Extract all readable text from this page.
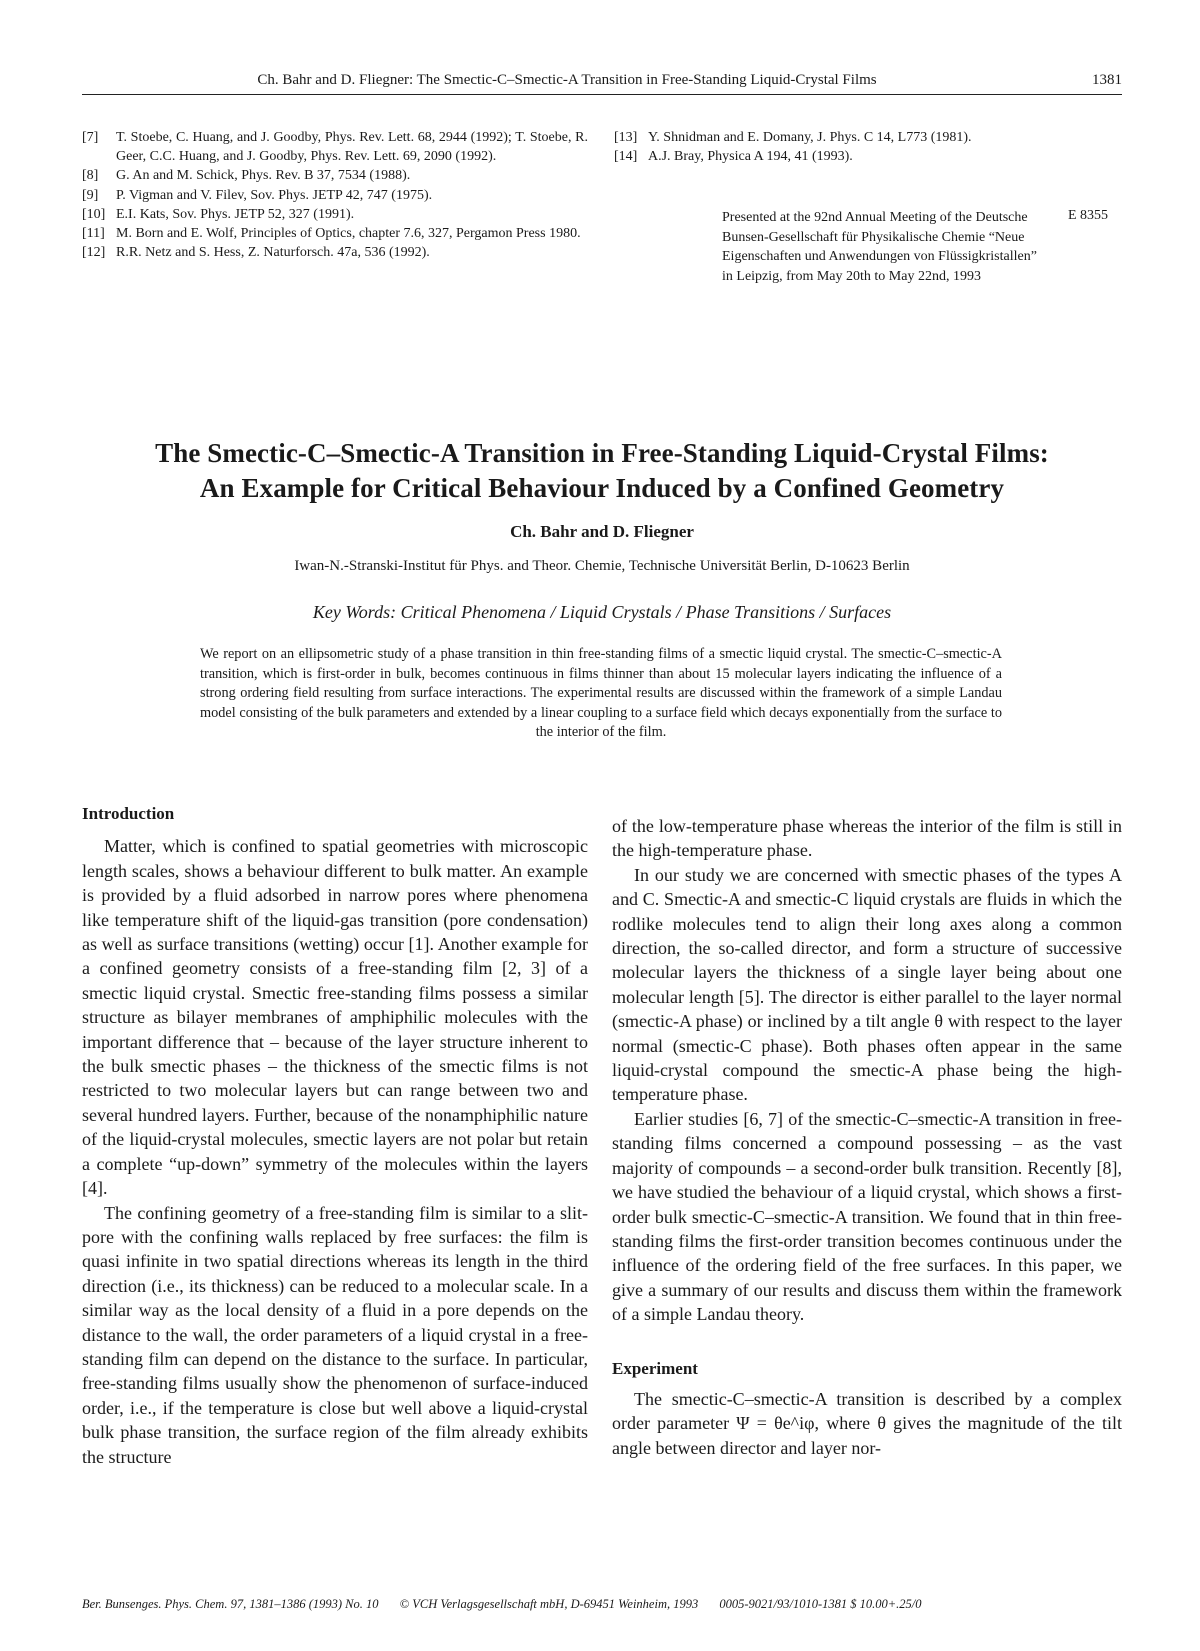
Ch. Bahr and D. Fliegner: The Smectic-C–Smectic-A Transition in Free-Standing Liquid-Crystal Films	1381
[7]	T. Stoebe, C. Huang, and J. Goodby, Phys. Rev. Lett. 68, 2944 (1992); T. Stoebe, R. Geer, C.C. Huang, and J. Goodby, Phys. Rev. Lett. 69, 2090 (1992).
[8]	G. An and M. Schick, Phys. Rev. B 37, 7534 (1988).
[9]	P. Vigman and V. Filev, Sov. Phys. JETP 42, 747 (1975).
[10] E.I. Kats, Sov. Phys. JETP 52, 327 (1991).
[11] M. Born and E. Wolf, Principles of Optics, chapter 7.6, 327, Pergamon Press 1980.
[12] R.R. Netz and S. Hess, Z. Naturforsch. 47a, 536 (1992).
[13] Y. Shnidman and E. Domany, J. Phys. C 14, L773 (1981).
[14] A.J. Bray, Physica A 194, 41 (1993).
Presented at the 92nd Annual Meeting of the Deutsche Bunsen-Gesellschaft für Physikalische Chemie “Neue Eigenschaften und Anwendungen von Flüssigkristallen” in Leipzig, from May 20th to May 22nd, 1993
E 8355
The Smectic-C–Smectic-A Transition in Free-Standing Liquid-Crystal Films:
An Example for Critical Behaviour Induced by a Confined Geometry
Ch. Bahr and D. Fliegner
Iwan-N.-Stranski-Institut für Phys. and Theor. Chemie, Technische Universität Berlin, D-10623 Berlin
Key Words: Critical Phenomena / Liquid Crystals / Phase Transitions / Surfaces
We report on an ellipsometric study of a phase transition in thin free-standing films of a smectic liquid crystal. The smectic-C–smectic-A transition, which is first-order in bulk, becomes continuous in films thinner than about 15 molecular layers indicating the influence of a strong ordering field resulting from surface interactions. The experimental results are discussed within the framework of a simple Landau model consisting of the bulk parameters and extended by a linear coupling to a surface field which decays exponentially from the surface to the interior of the film.
Introduction

Matter, which is confined to spatial geometries with microscopic length scales, shows a behaviour different to bulk matter. An example is provided by a fluid adsorbed in narrow pores where phenomena like temperature shift of the liquid-gas transition (pore condensation) as well as surface transitions (wetting) occur [1]. Another example for a confined geometry consists of a free-standing film [2, 3] of a smectic liquid crystal. Smectic free-standing films possess a similar structure as bilayer membranes of amphiphilic molecules with the important difference that – because of the layer structure inherent to the bulk smectic phases – the thickness of the smectic films is not restricted to two molecular layers but can range between two and several hundred layers. Further, because of the nonamphiphilic nature of the liquid-crystal molecules, smectic layers are not polar but retain a complete “up-down” symmetry of the molecules within the layers [4].

The confining geometry of a free-standing film is similar to a slit-pore with the confining walls replaced by free surfaces: the film is quasi infinite in two spatial directions whereas its length in the third direction (i.e., its thickness) can be reduced to a molecular scale. In a similar way as the local density of a fluid in a pore depends on the distance to the wall, the order parameters of a liquid crystal in a free-standing film can depend on the distance to the surface. In particular, free-standing films usually show the phenomenon of surface-induced order, i.e., if the temperature is close but well above a liquid-crystal bulk phase transition, the surface region of the film already exhibits the structure

of the low-temperature phase whereas the interior of the film is still in the high-temperature phase.

In our study we are concerned with smectic phases of the types A and C. Smectic-A and smectic-C liquid crystals are fluids in which the rodlike molecules tend to align their long axes along a common direction, the so-called director, and form a structure of successive molecular layers the thickness of a single layer being about one molecular length [5]. The director is either parallel to the layer normal (smectic-A phase) or inclined by a tilt angle θ with respect to the layer normal (smectic-C phase). Both phases often appear in the same liquid-crystal compound the smectic-A phase being the high-temperature phase.

Earlier studies [6, 7] of the smectic-C–smectic-A transition in free-standing films concerned a compound possessing – as the vast majority of compounds – a second-order bulk transition. Recently [8], we have studied the behaviour of a liquid crystal, which shows a first-order bulk smectic-C–smectic-A transition. We found that in thin free-standing films the first-order transition becomes continuous under the influence of the ordering field of the free surfaces. In this paper, we give a summary of our results and discuss them within the framework of a simple Landau theory.

Experiment

The smectic-C–smectic-A transition is described by a complex order parameter Ψ = θe^iφ, where θ gives the magnitude of the tilt angle between director and layer nor-

Ber. Bunsenges. Phys. Chem. 97, 1381–1386 (1993) No. 10 © VCH Verlagsgesellschaft mbH, D-69451 Weinheim, 1993 0005-9021/93/1010-1381 $ 10.00+.25/0
